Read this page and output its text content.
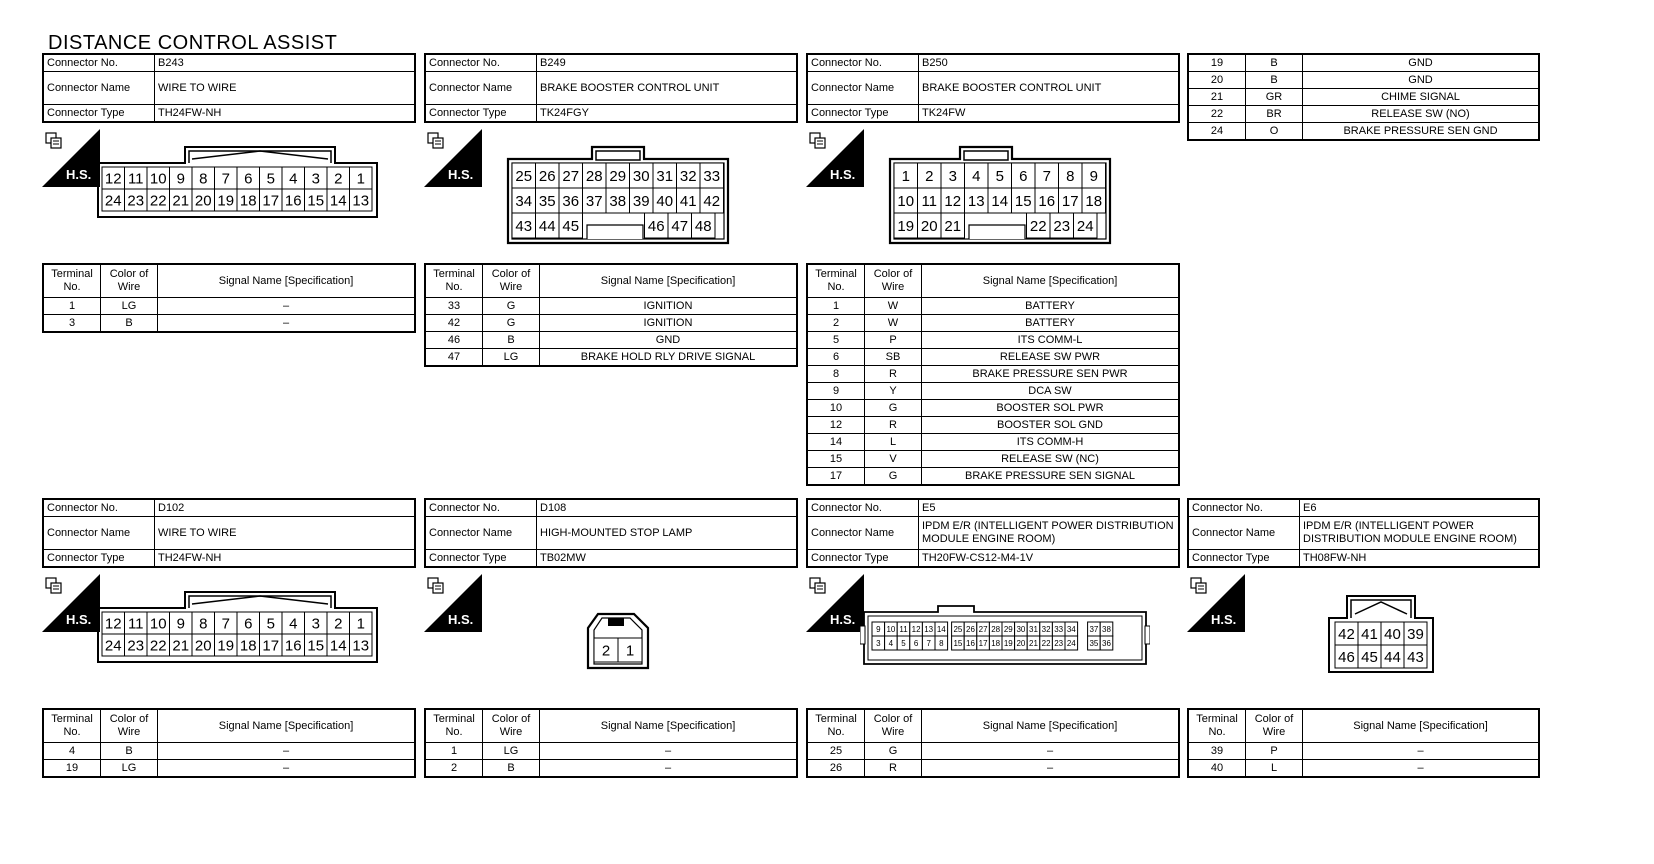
DISTANCE CONTROL ASSIST
Connector No.	B243
Connector Name	WIRE TO WIRE
Connector Type	TH24FW-NH
H.S. 12 11 10 9 8 7 6 5 4 3 2 1
24 23 22 21 20 19 18 17 16 15 14 13
Terminal No.	Color of Wire	Signal Name [Specification]
1	LG	–
3	B	–
Connector No.	B249
Connector Name	BRAKE BOOSTER CONTROL UNIT
Connector Type	TK24FGY
H.S.	25 26 27 28 29 30 31 32 33
34 35 36 37 38 39 40 41 42
43 44 45	46 47 48
Terminal No.	Color of Wire	Signal Name [Specification]
33	G	IGNITION
42	G	IGNITION
46	B	GND
47	LG	BRAKE HOLD RLY DRIVE SIGNAL
Connector No.	B250
Connector Name	BRAKE BOOSTER CONTROL UNIT
Connector Type	TK24FW
H.S.	1 2 3 4 5 6 7 8 9
10 11 12 13 14 15 16 17 18
19 20 21	22 23 24
Terminal No.	Color of Wire	Signal Name [Specification]
1	W	BATTERY
2	W	BATTERY
5	P	ITS COMM-L
6	SB	RELEASE SW PWR
8	R	BRAKE PRESSURE SEN PWR
9	Y	DCA SW
10	G	BOOSTER SOL PWR
12	R	BOOSTER SOL GND
14	L	ITS COMM-H
15	V	RELEASE SW (NC)
17	G	BRAKE PRESSURE SEN SIGNAL
19	B	GND
20	B	GND
21	GR	CHIME SIGNAL
22	BR	RELEASE SW (NO)
24	O	BRAKE PRESSURE SEN GND
Connector No.	D102
Connector Name	WIRE TO WIRE
Connector Type	TH24FW-NH
H.S. 12 11 10 9 8 7 6 5 4 3 2 1
24 23 22 21 20 19 18 17 16 15 14 13
Terminal No.	Color of Wire	Signal Name [Specification]
4	B	–
19	LG	–
Connector No.	D108
Connector Name	HIGH-MOUNTED STOP LAMP
Connector Type	TB02MW
H.S.
2 1
Terminal No.	Color of Wire	Signal Name [Specification]
1	LG	–
2	B	–
Connector No.	E5
Connector Name	IPDM E/R (INTELLIGENT POWER DISTRIBUTION MODULE ENGINE ROOM)
Connector Type	TH20FW-CS12-M4-1V
H.S.
9 10 11 12 13 14 25 26 27 28 29 30 31 32 33 34 37 38
3 4 5 6 7 8 15 16 17 18 19 20 21 22 23 24 35 36
Terminal No.	Color of Wire	Signal Name [Specification]
25	G	–
26	R	–
Connector No.	E6
Connector Name	IPDM E/R (INTELLIGENT POWER DISTRIBUTION MODULE ENGINE ROOM)
Connector Type	TH08FW-NH
H.S.
42 41 40 39
46 45 44 43
Terminal No.	Color of Wire	Signal Name [Specification]
39	P	–
40	L	–
